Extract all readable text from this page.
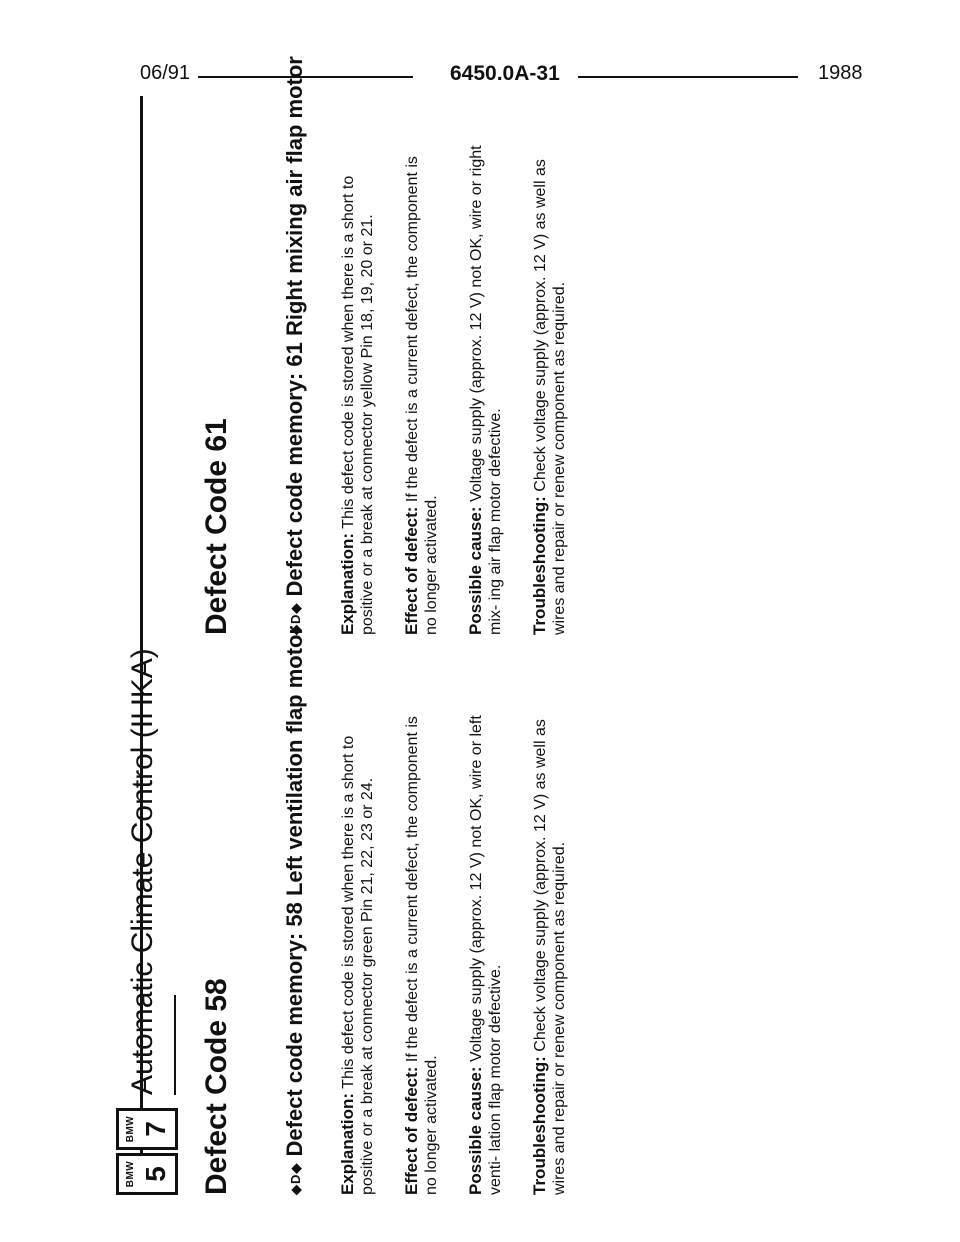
06/91	6450.0A-31	1988
BMW 5
BMW 7
Automatic Climate Control (IHKA) Defect Code 58	◆D◆ Defect code memory: 58 Left ventilation flap motor Explanation: This defect code is stored when there is a short to positive or a break at connector green Pin 21, 22, 23 or 24. Effect of defect: If the defect is a current defect, the component is no longer activated. Possible cause: Voltage supply (approx. 12 V) not OK, wire or left venti- lation flap motor defective. Troubleshooting: Check voltage supply (approx. 12 V) as well as wires and repair or renew component as required.

Defect Code 61	◆D◆ Defect code memory: 61 Right mixing air flap motor Explanation: This defect code is stored when there is a short to positive or a break at connector yellow Pin 18, 19, 20 or 21. Effect of defect: If the defect is a current defect, the component is no longer activated. Possible cause: Voltage supply (approx. 12 V) not OK, wire or right mix- ing air flap motor defective. Troubleshooting: Check voltage supply (approx. 12 V) as well as wires and repair or renew component as required.
